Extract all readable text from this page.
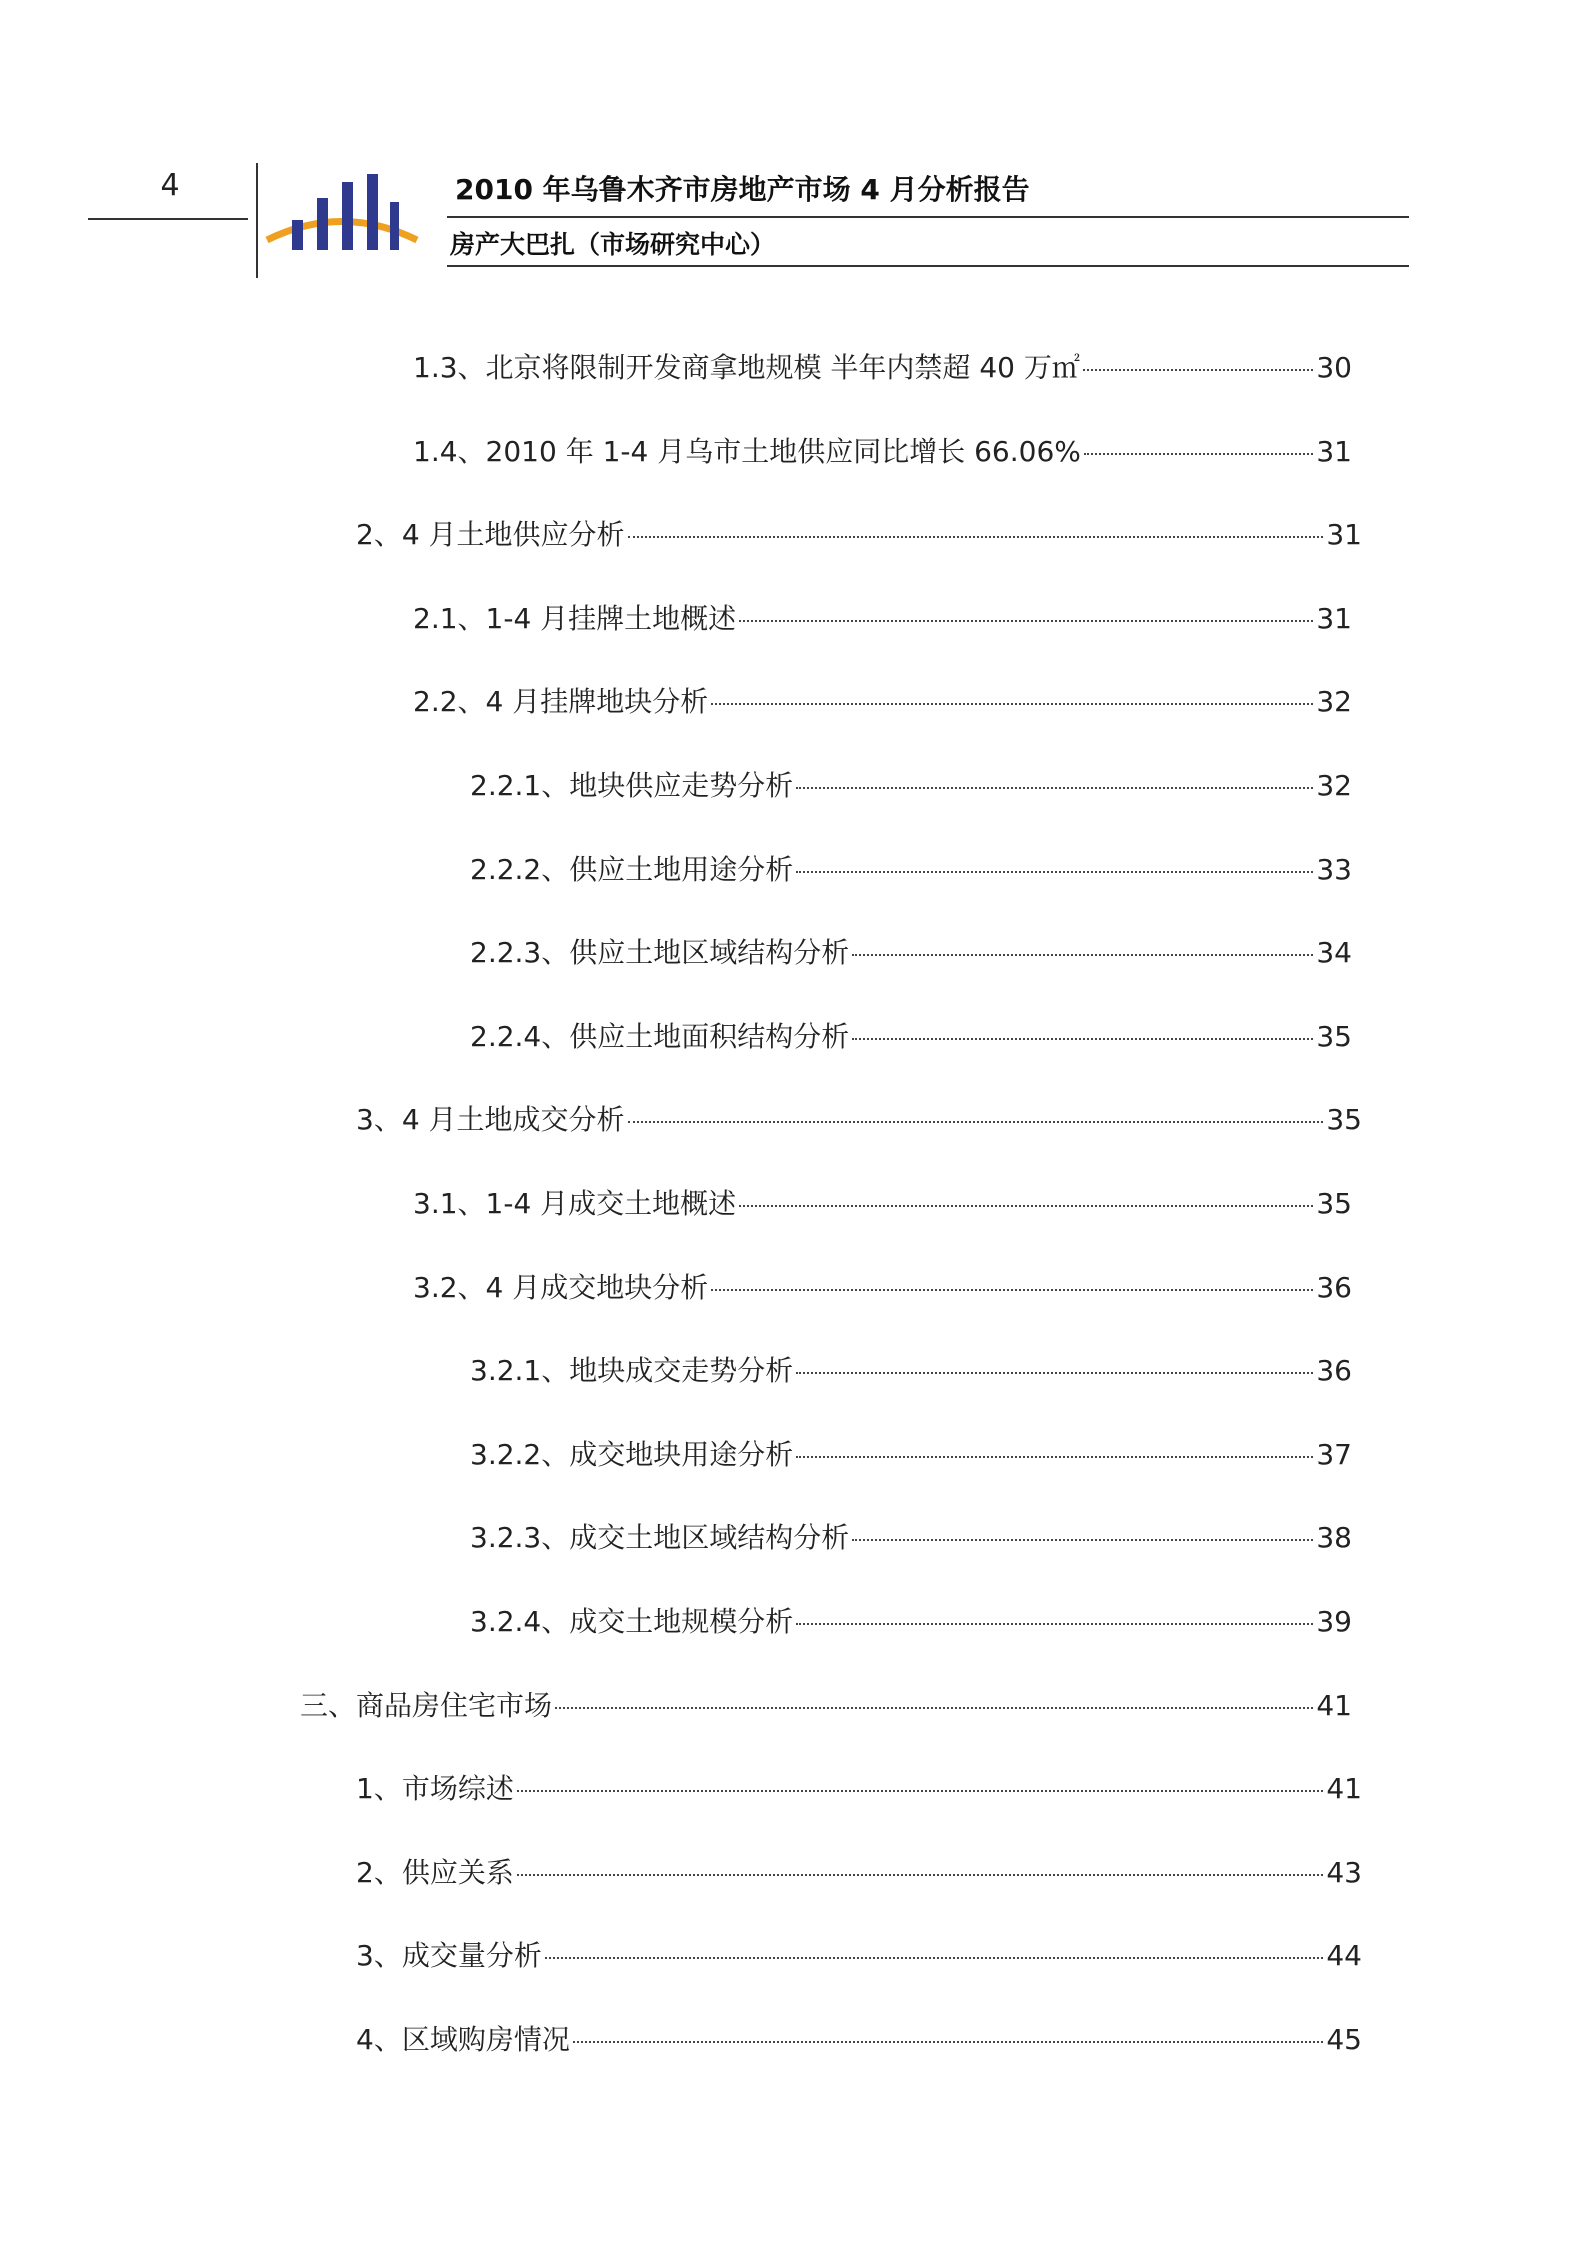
4	2010 年乌鲁木齐市房地产市场 4 月分析报告
房产大巴扎（市场研究中心）
1.3、北京将限制开发商拿地规模 半年内禁超 40 万㎡	30
1.4、2010 年 1-4 月乌市土地供应同比增长 66.06%	31
2、4 月土地供应分析	31
2.1、1-4 月挂牌土地概述	31
2.2、4 月挂牌地块分析	32
2.2.1、地块供应走势分析	32
2.2.2、供应土地用途分析	33
2.2.3、供应土地区域结构分析	34
2.2.4、供应土地面积结构分析	35
3、4 月土地成交分析	35
3.1、1-4 月成交土地概述	35
3.2、4 月成交地块分析	36
3.2.1、地块成交走势分析	36
3.2.2、成交地块用途分析	37
3.2.3、成交土地区域结构分析	38
3.2.4、成交土地规模分析	39
三、商品房住宅市场	41
1、市场综述	41
2、供应关系	43
3、成交量分析	44
4、区域购房情况	45
